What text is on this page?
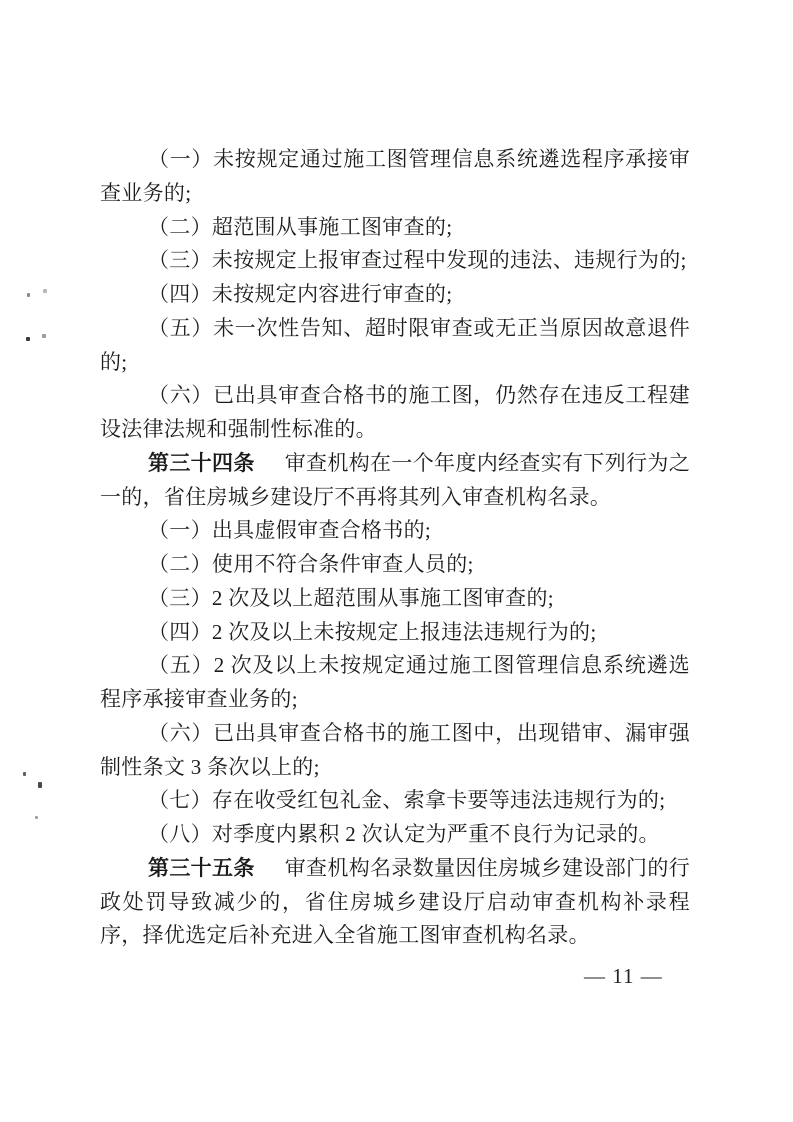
（一）未按规定通过施工图管理信息系统遴选程序承接审查业务的;

（二）超范围从事施工图审查的;

（三）未按规定上报审查过程中发现的违法、违规行为的;

（四）未按规定内容进行审查的;

（五）未一次性告知、超时限审查或无正当原因故意退件的;

（六）已出具审查合格书的施工图，仍然存在违反工程建设法律法规和强制性标准的。

第三十四条 审查机构在一个年度内经查实有下列行为之一的，省住房城乡建设厅不再将其列入审查机构名录。

（一）出具虚假审查合格书的;

（二）使用不符合条件审查人员的;

（三）2 次及以上超范围从事施工图审查的;

（四）2 次及以上未按规定上报违法违规行为的;

（五）2 次及以上未按规定通过施工图管理信息系统遴选程序承接审查业务的;

（六）已出具审查合格书的施工图中，出现错审、漏审强制性条文 3 条次以上的;

（七）存在收受红包礼金、索拿卡要等违法违规行为的;

（八）对季度内累积 2 次认定为严重不良行为记录的。

第三十五条 审查机构名录数量因住房城乡建设部门的行政处罚导致减少的，省住房城乡建设厅启动审查机构补录程序，择优选定后补充进入全省施工图审查机构名录。

— 11 —
